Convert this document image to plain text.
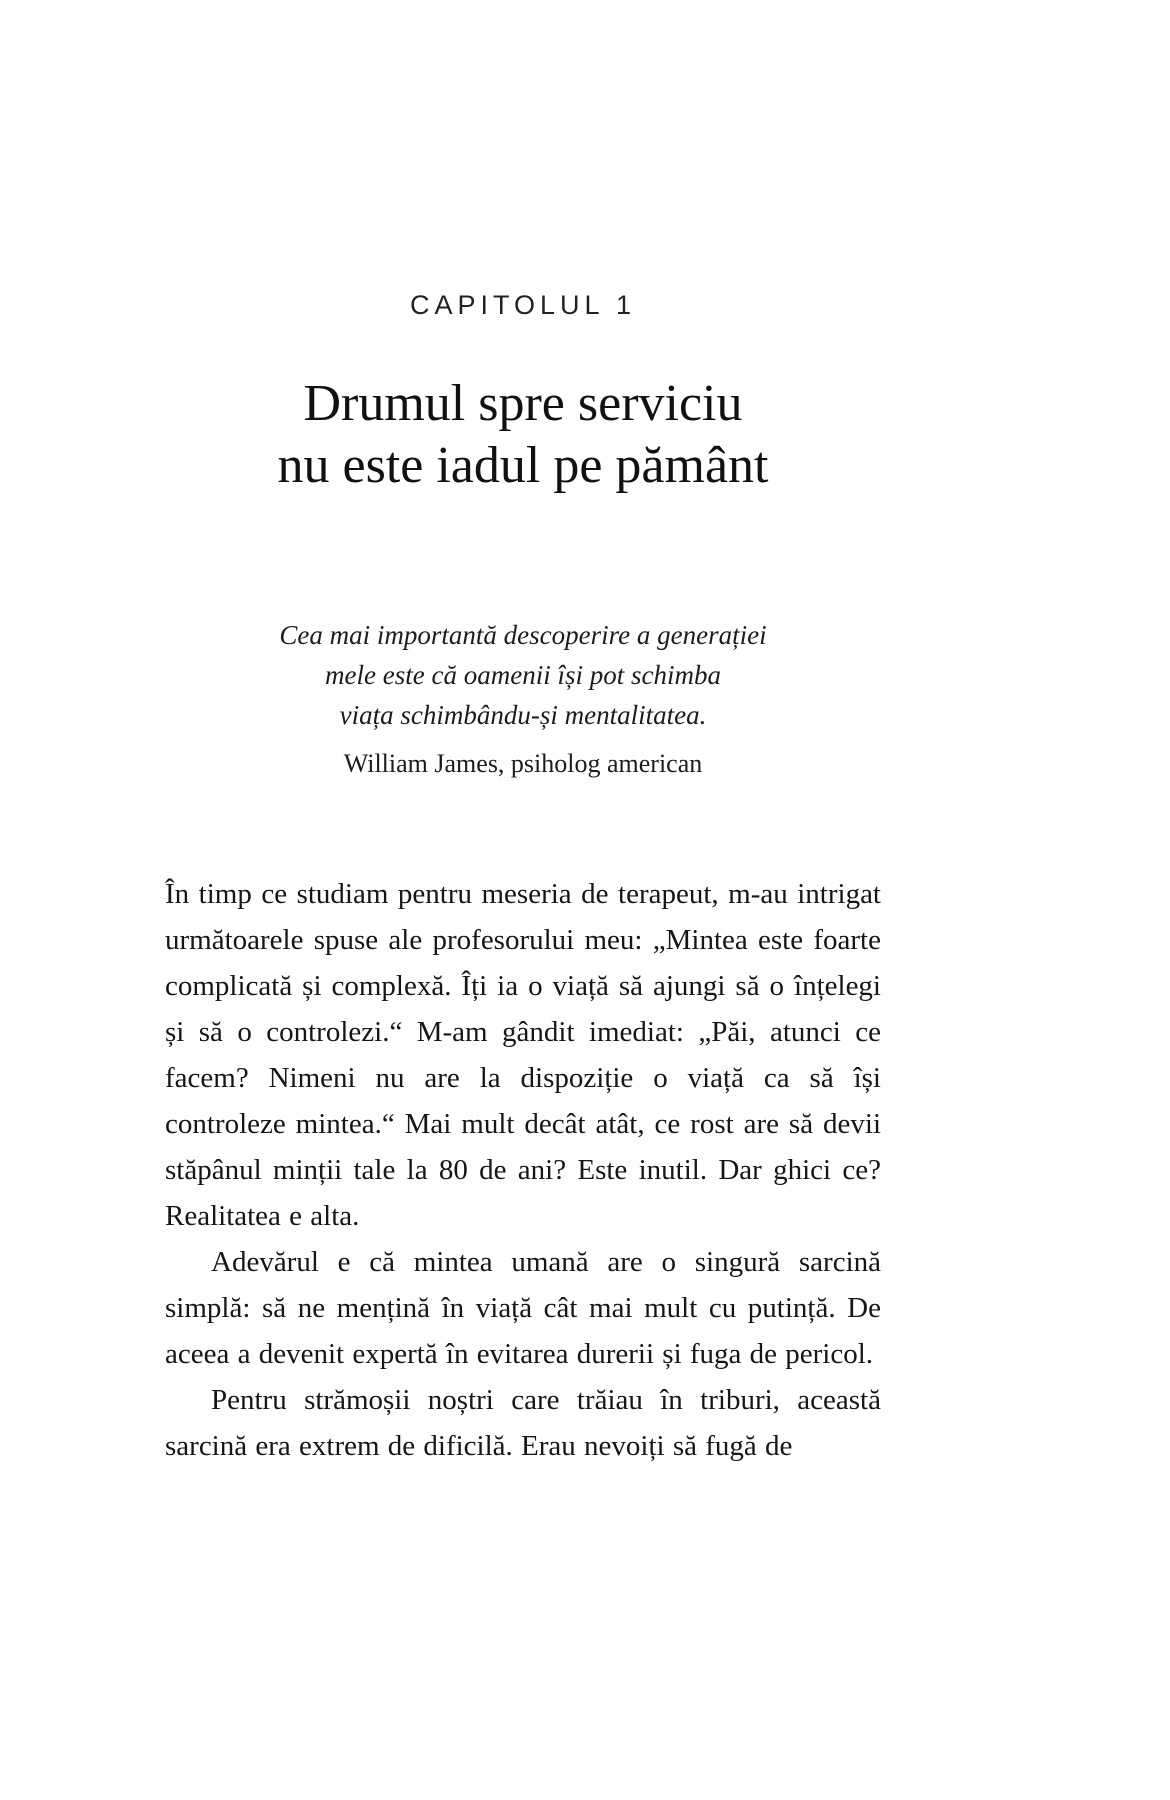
CAPITOLUL 1
Drumul spre serviciu
nu este iadul pe pământ
Cea mai importantă descoperire a generației
mele este că oamenii își pot schimba
viața schimbându-și mentalitatea.
William James, psiholog american

În timp ce studiam pentru meseria de terapeut, m-au intrigat următoarele spuse ale profesorului meu: „Mintea este foarte complicată și complexă. Îți ia o viață să ajungi să o înțelegi și să o controlezi.“ M-am gândit imediat: „Păi, atunci ce facem? Nimeni nu are la dispoziție o viață ca să își controleze mintea.“ Mai mult decât atât, ce rost are să devii stăpânul minții tale la 80 de ani? Este inutil. Dar ghici ce? Realitatea e alta.

Adevărul e că mintea umană are o singură sarcină simplă: să ne mențină în viață cât mai mult cu putință. De aceea a devenit expertă în evitarea durerii și fuga de pericol.

Pentru strămoșii noștri care trăiau în triburi, această sarcină era extrem de dificilă. Erau nevoiți să fugă de
